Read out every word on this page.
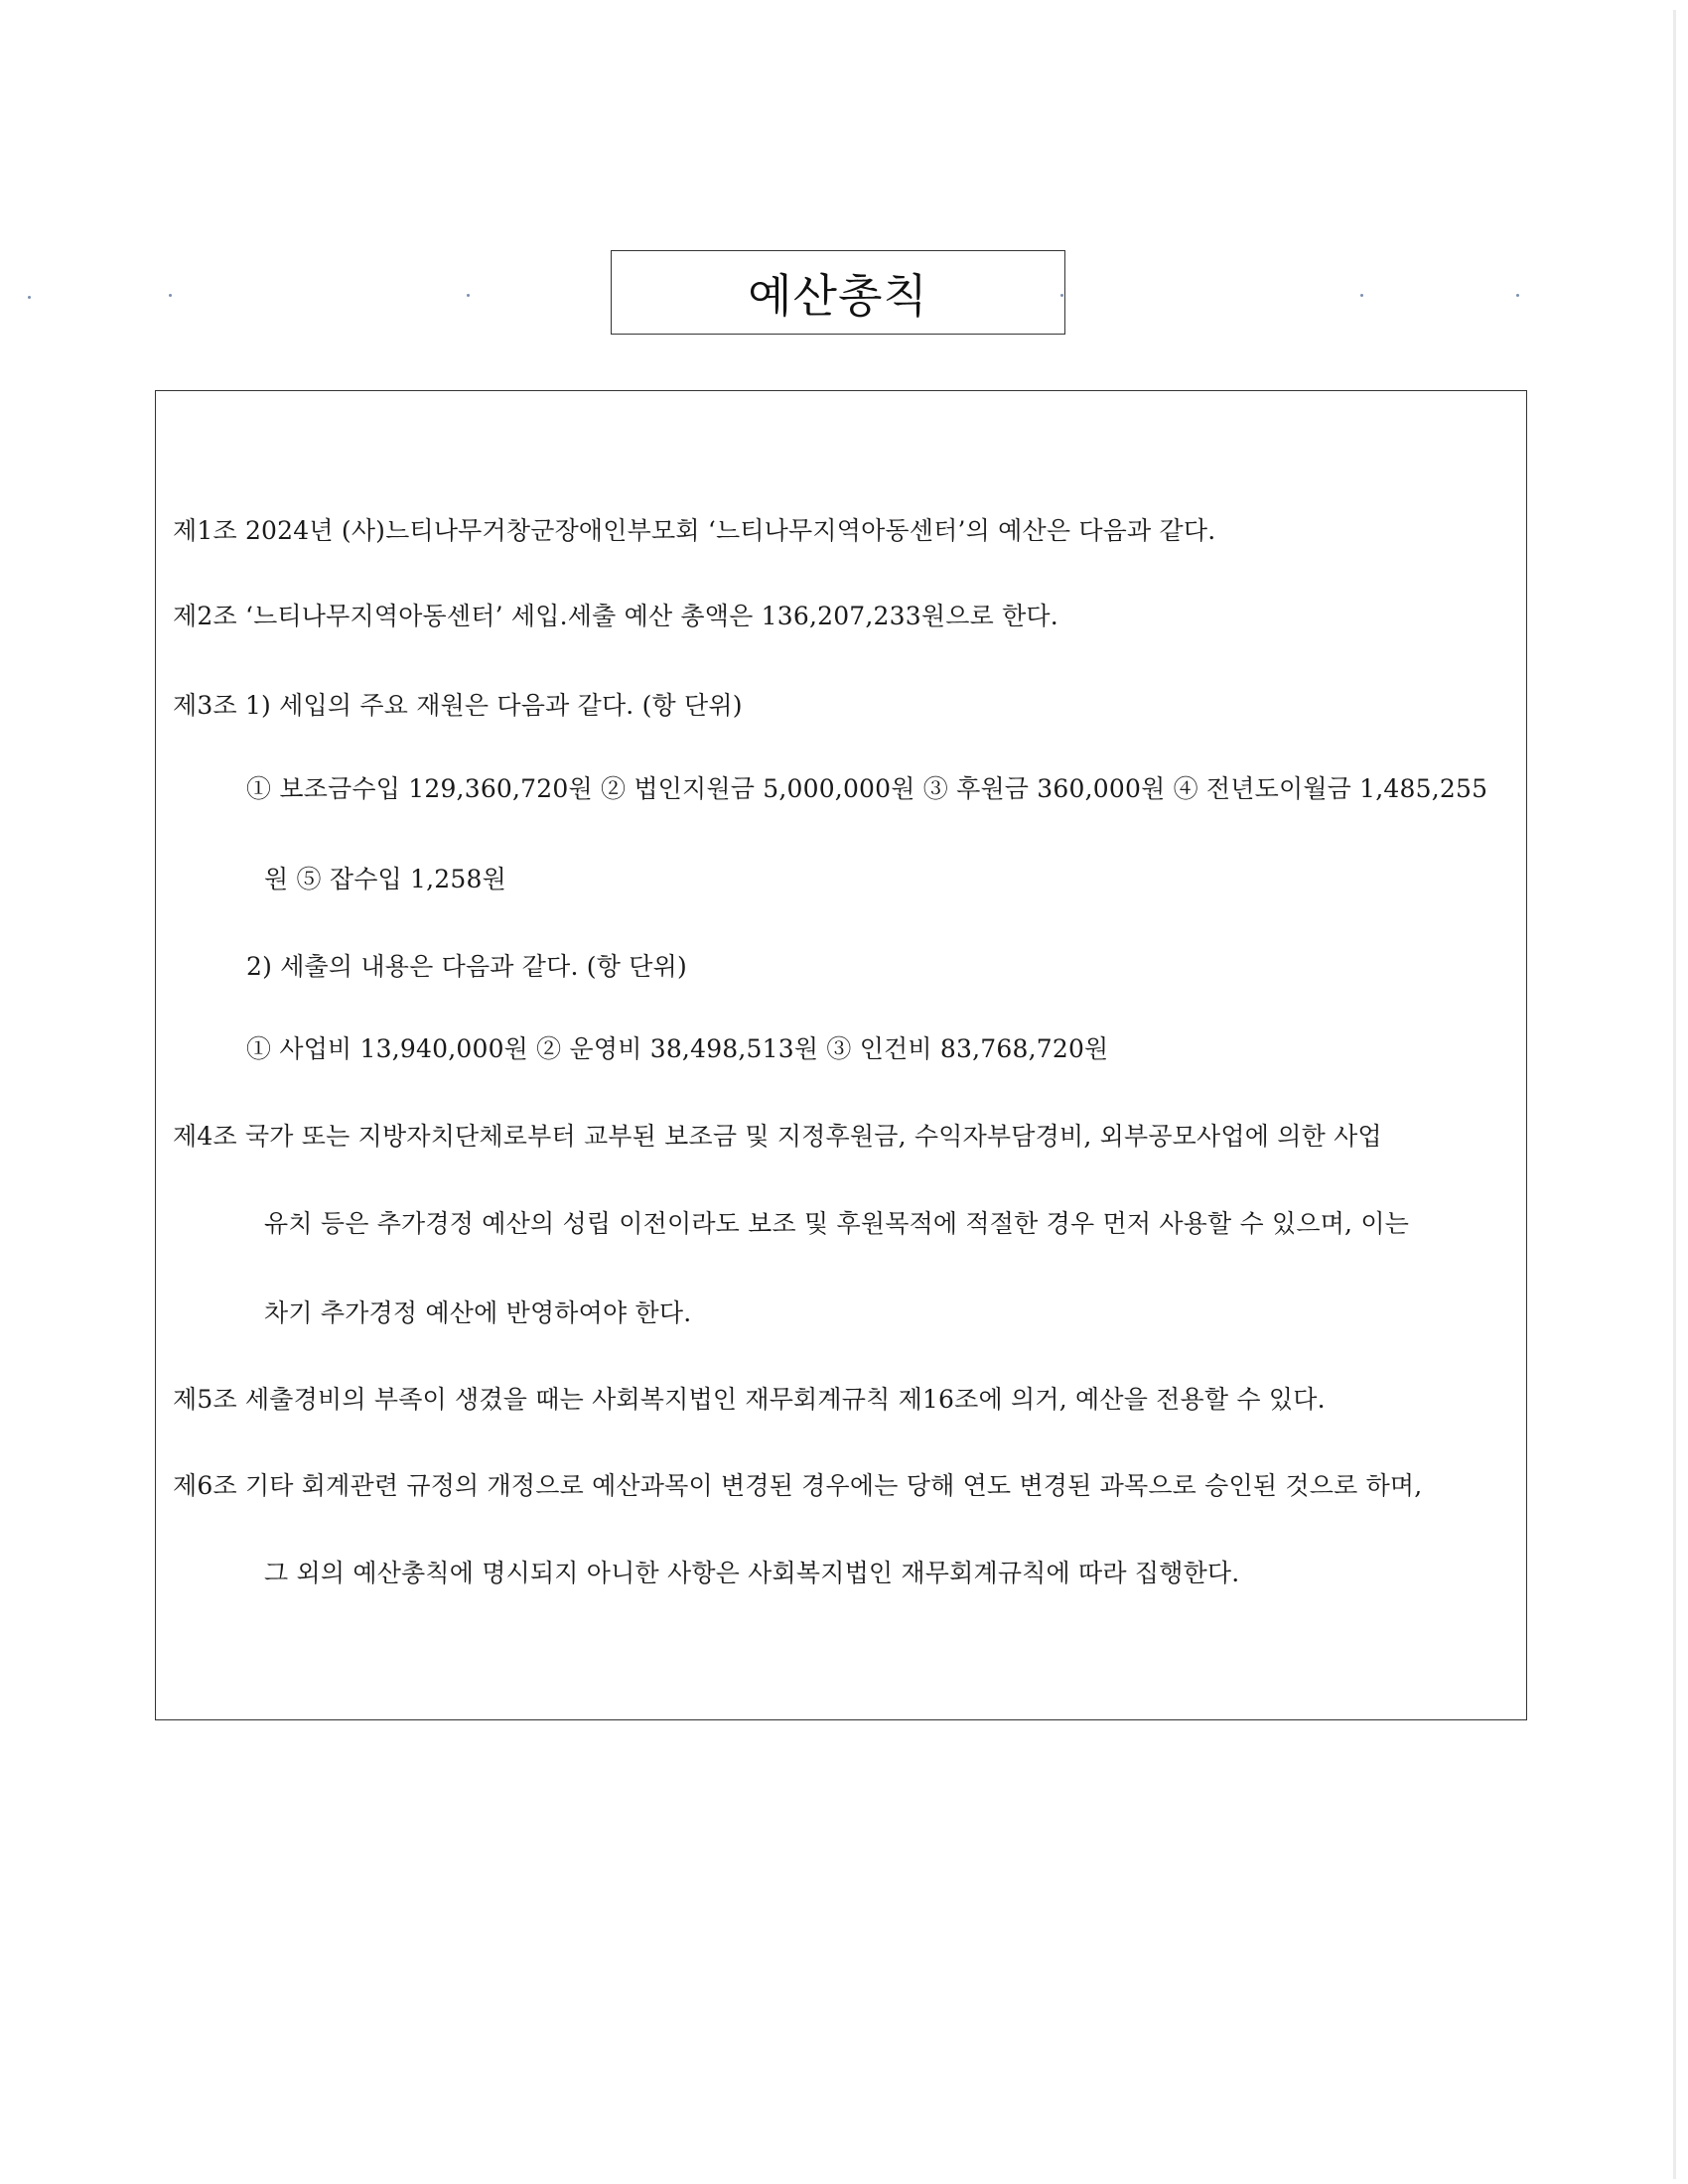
예산총칙
제1조 2024년 (사)느티나무거창군장애인부모회 ‘느티나무지역아동센터’의 예산은 다음과 같다.
제2조 ‘느티나무지역아동센터’ 세입.세출 예산 총액은 136,207,233원으로 한다.
제3조 1) 세입의 주요 재원은 다음과 같다. (항 단위)
① 보조금수입 129,360,720원 ② 법인지원금 5,000,000원 ③ 후원금 360,000원 ④ 전년도이월금 1,485,255
원 ⑤ 잡수입 1,258원
2) 세출의 내용은 다음과 같다. (항 단위)
① 사업비 13,940,000원 ② 운영비 38,498,513원 ③ 인건비 83,768,720원
제4조 국가 또는 지방자치단체로부터 교부된 보조금 및 지정후원금, 수익자부담경비, 외부공모사업에 의한 사업
유치 등은 추가경정 예산의 성립 이전이라도 보조 및 후원목적에 적절한 경우 먼저 사용할 수 있으며, 이는
차기 추가경정 예산에 반영하여야 한다.
제5조 세출경비의 부족이 생겼을 때는 사회복지법인 재무회계규칙 제16조에 의거, 예산을 전용할 수 있다.
제6조 기타 회계관련 규정의 개정으로 예산과목이 변경된 경우에는 당해 연도 변경된 과목으로 승인된 것으로 하며,
그 외의 예산총칙에 명시되지 아니한 사항은 사회복지법인 재무회계규칙에 따라 집행한다.
